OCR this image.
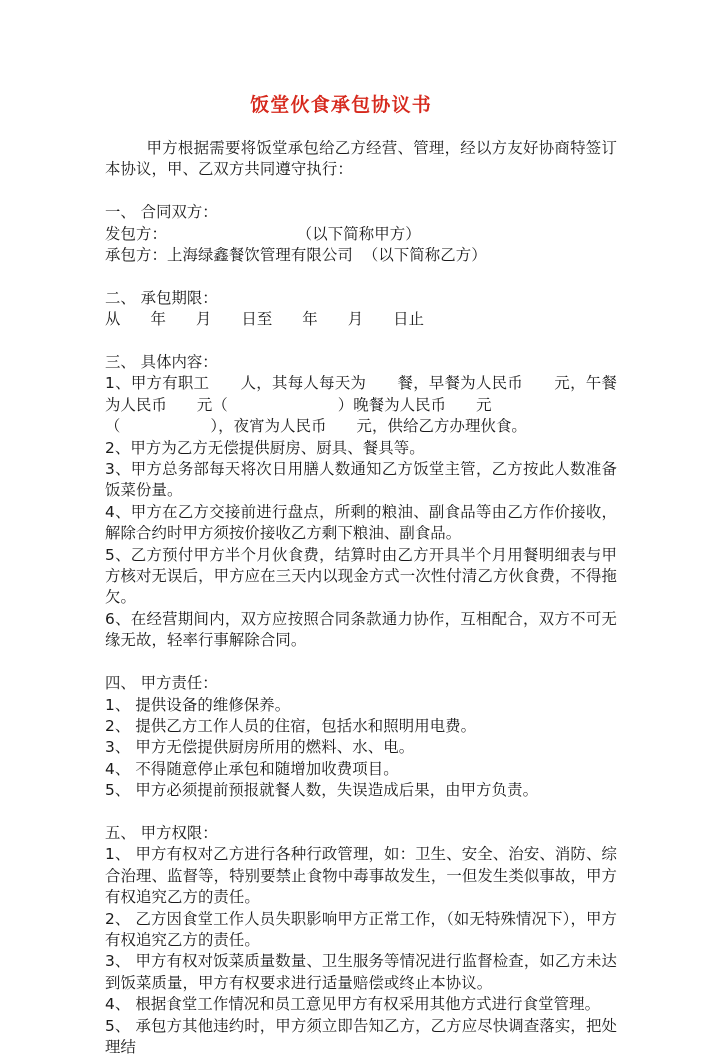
饭堂伙食承包协议书

甲方根据需要将饭堂承包给乙方经营、管理，经以方友好协商特签订本协议，甲、乙双方共同遵守执行：

一、 合同双方：

发包方：                          （以下简称甲方）

承包方：上海绿鑫餐饮管理有限公司  （以下简称乙方）

二、 承包期限：

从      年      月      日至      年      月      日止

三、 具体内容：

1、甲方有职工      人，其每人每天为      餐，早餐为人民币      元，午餐为人民币      元（                      ）晚餐为人民币      元

（                  ），夜宵为人民币      元，供给乙方办理伙食。

2、甲方为乙方无偿提供厨房、厨具、餐具等。

3、甲方总务部每天将次日用膳人数通知乙方饭堂主管，乙方按此人数准备饭菜份量。

4、甲方在乙方交接前进行盘点，所剩的粮油、副食品等由乙方作价接收，解除合约时甲方须按价接收乙方剩下粮油、副食品。

5、乙方预付甲方半个月伙食费，结算时由乙方开具半个月用餐明细表与甲方核对无误后，甲方应在三天内以现金方式一次性付清乙方伙食费，不得拖欠。

6、在经营期间内，双方应按照合同条款通力协作，互相配合，双方不可无缘无故，轻率行事解除合同。

四、 甲方责任：

1、 提供设备的维修保养。

2、 提供乙方工作人员的住宿，包括水和照明用电费。

3、 甲方无偿提供厨房所用的燃料、水、电。

4、 不得随意停止承包和随增加收费项目。

5、 甲方必须提前预报就餐人数，失误造成后果，由甲方负责。

五、 甲方权限：

1、 甲方有权对乙方进行各种行政管理，如：卫生、安全、治安、消防、综合治理、监督等，特别要禁止食物中毒事故发生，一但发生类似事故，甲方有权追究乙方的责任。

2、 乙方因食堂工作人员失职影响甲方正常工作，（如无特殊情况下），甲方有权追究乙方的责任。

3、 甲方有权对饭菜质量数量、卫生服务等情况进行监督检查，如乙方未达到饭菜质量，甲方有权要求进行适量赔偿或终止本协议。

4、 根据食堂工作情况和员工意见甲方有权采用其他方式进行食堂管理。

5、 承包方其他违约时，甲方须立即告知乙方，乙方应尽快调查落实，把处理结
